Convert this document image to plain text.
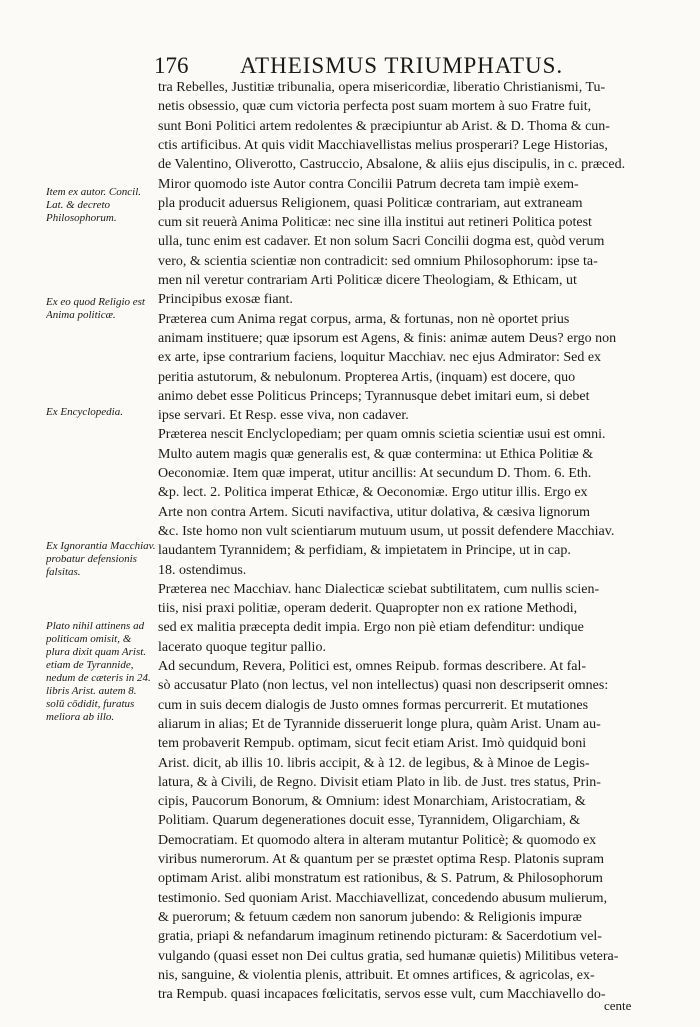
176 ATHEISMUS TRIUMPHATUS.
tra Rebelles, Justitiæ tribunalia, opera misericordiæ, liberatio Christianismi, Tu-
netis obsessio, quæ cum victoria perfecta post suam mortem à suo Fratre fuit,
sunt Boni Politici artem redolentes & præcipiuntur ab Arist. & D. Thoma & cun-
ctis artificibus. At quis vidit Macchiavellistas melius prosperari? Lege Historias,
de Valentino, Oliverotto, Castruccio, Absalone, & aliis ejus discipulis, in c. præced.
Miror quomodo iste Autor contra Concilii Patrum decreta tam impiè exem-
pla producit aduersus Religionem, quasi Politicæ contrariam, aut extraneam
cum sit reuerà Anima Politicæ: nec sine illa institui aut retineri Politica potest
ulla, tunc enim est cadaver. Et non solum Sacri Concilii dogma est, quòd verum
vero, & scientia scientiæ non contradicit: sed omnium Philosophorum: ipse ta-
men nil veretur contrariam Arti Politicæ dicere Theologiam, & Ethicam, ut
Principibus exosæ fiant.
Præterea cum Anima regat corpus, arma, & fortunas, non nè oportet prius
animam instituere; quæ ipsorum est Agens, & finis: animæ autem Deus? ergo non
ex arte, ipse contrarium faciens, loquitur Macchiav. nec ejus Admirator: Sed ex
peritia astutorum, & nebulonum. Propterea Artis, (inquam) est docere, quo
animo debet esse Politicus Princeps; Tyrannusque debet imitari eum, si debet
ipse servari. Et Resp. esse viva, non cadaver.
Præterea nescit Enclyclopediam; per quam omnis scietia scientiæ usui est omni.
Multo autem magis quæ generalis est, & quæ contermina: ut Ethica Politiæ &
Oeconomiæ. Item quæ imperat, utitur ancillis: At secundum D. Thom. 6. Eth.
&p. lect. 2. Politica imperat Ethicæ, & Oeconomiæ. Ergo utitur illis. Ergo ex
Arte non contra Artem. Sicuti navifactiva, utitur dolativa, & cæsiva lignorum
&c. Iste homo non vult scientiarum mutuum usum, ut possit defendere Macchiav.
laudantem Tyrannidem; & perfidiam, & impietatem in Principe, ut in cap.
18. ostendimus.
Præterea nec Macchiav. hanc Dialecticæ sciebat subtilitatem, cum nullis scien-
tiis, nisi praxi politiæ, operam dederit. Quapropter non ex ratione Methodi,
sed ex malitia præcepta dedit impia. Ergo non piè etiam defenditur: undique
lacerato quoque tegitur pallio.
Ad secundum, Revera, Politici est, omnes Reipub. formas describere. At fal-
sò accusatur Plato (non lectus, vel non intellectus) quasi non descripserit omnes:
cum in suis decem dialogis de Justo omnes formas percurrerit. Et mutationes
aliarum in alias; Et de Tyrannide disseruerit longe plura, quàm Arist. Unam au-
tem probaverit Rempub. optimam, sicut fecit etiam Arist. Imò quidquid boni
Arist. dicit, ab illis 10. libris accipit, & à 12. de legibus, & à Minoe de Legis-
latura, & à Civili, de Regno. Divisit etiam Plato in lib. de Just. tres status, Prin-
cipis, Paucorum Bonorum, & Omnium: idest Monarchiam, Aristocratiam, &
Politiam. Quarum degenerationes docuit esse, Tyrannidem, Oligarchiam, &
Democratiam. Et quomodo altera in alteram mutantur Politicè; & quomodo ex
viribus numerorum. At & quantum per se præstet optima Resp. Platonis supram
optimam Arist. alibi monstratum est rationibus, & S. Patrum, & Philosophorum
testimonio. Sed quoniam Arist. Macchiavellizat, concedendo abusum mulierum,
& puerorum; & fetuum cædem non sanorum jubendo: & Religionis impuræ
gratia, priapi & nefandarum imaginum retinendo picturam: & Sacerdotium vel-
vulgando (quasi esset non Dei cultus gratia, sed humanæ quietis) Militibus vetera-
nis, sanguine, & violentia plenis, attribuit. Et omnes artifices, & agricolas, ex-
tra Rempub. quasi incapaces fœlicitatis, servos esse vult, cum Macchiavello do-
Item ex autor. Concil. Lat. & decreto Philosophorum.
Ex eo quod Religio est Anima politicæ.
Ex Encyclopedia.
Ex Ignorantia Macchiav. probatur defensionis falsitas.
Plato nihil attinens ad politicam omisit, & plura dixit quam Arist. etiam de Tyrannide, nedum de cæteris in 24. libris Arist. autem 8. solū cōdidit, furatus meliora ab illo.
cente
